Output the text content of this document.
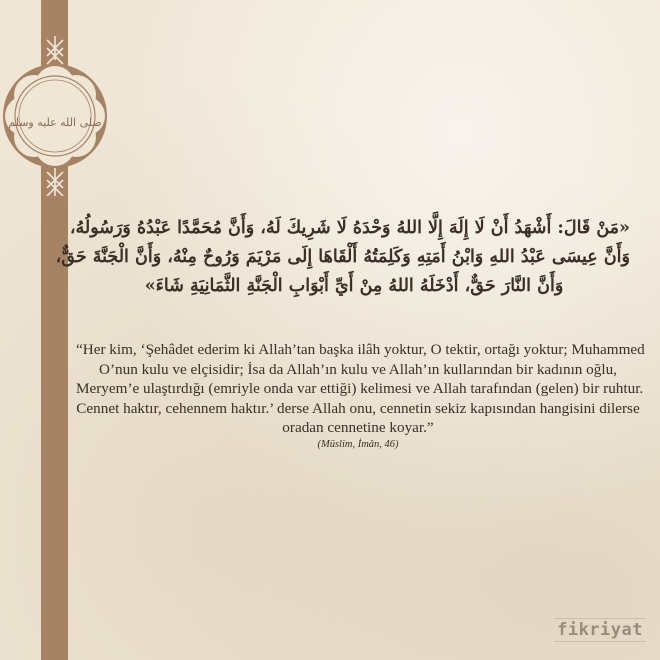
صلى الله عليه وسلم

«مَنْ قَالَ: أَشْهَدُ أَنْ لَا إِلَهَ إِلَّا اللهُ وَحْدَهُ لَا شَرِيكَ لَهُ، وَأَنَّ مُحَمَّدًا عَبْدُهُ وَرَسُولُهُ،
وَأَنَّ عِيسَى عَبْدُ اللهِ وَابْنُ أَمَتِهِ وَكَلِمَتُهُ أَلْقَاهَا إِلَى مَرْيَمَ وَرُوحٌ مِنْهُ، وَأَنَّ الْجَنَّةَ حَقٌّ،
وَأَنَّ النَّارَ حَقٌّ، أَدْخَلَهُ اللهُ مِنْ أَيِّ أَبْوَابِ الْجَنَّةِ الثَّمَانِيَةِ شَاءَ»

“Her kim, ‘Şehâdet ederim ki Allah’tan başka ilâh yoktur, O tektir, ortağı yoktur; Muhammed
O’nun kulu ve elçisidir; İsa da Allah’ın kulu ve Allah’ın kullarından bir kadının oğlu,
Meryem’e ulaştırdığı (emriyle onda var ettiği) kelimesi ve Allah tarafından (gelen) bir ruhtur.
Cennet haktır, cehennem haktır.’ derse Allah onu, cennetin sekiz kapısından hangisini dilerse
oradan cennetine koyar.”

(Müslim, İmân, 46)

fikriyat
